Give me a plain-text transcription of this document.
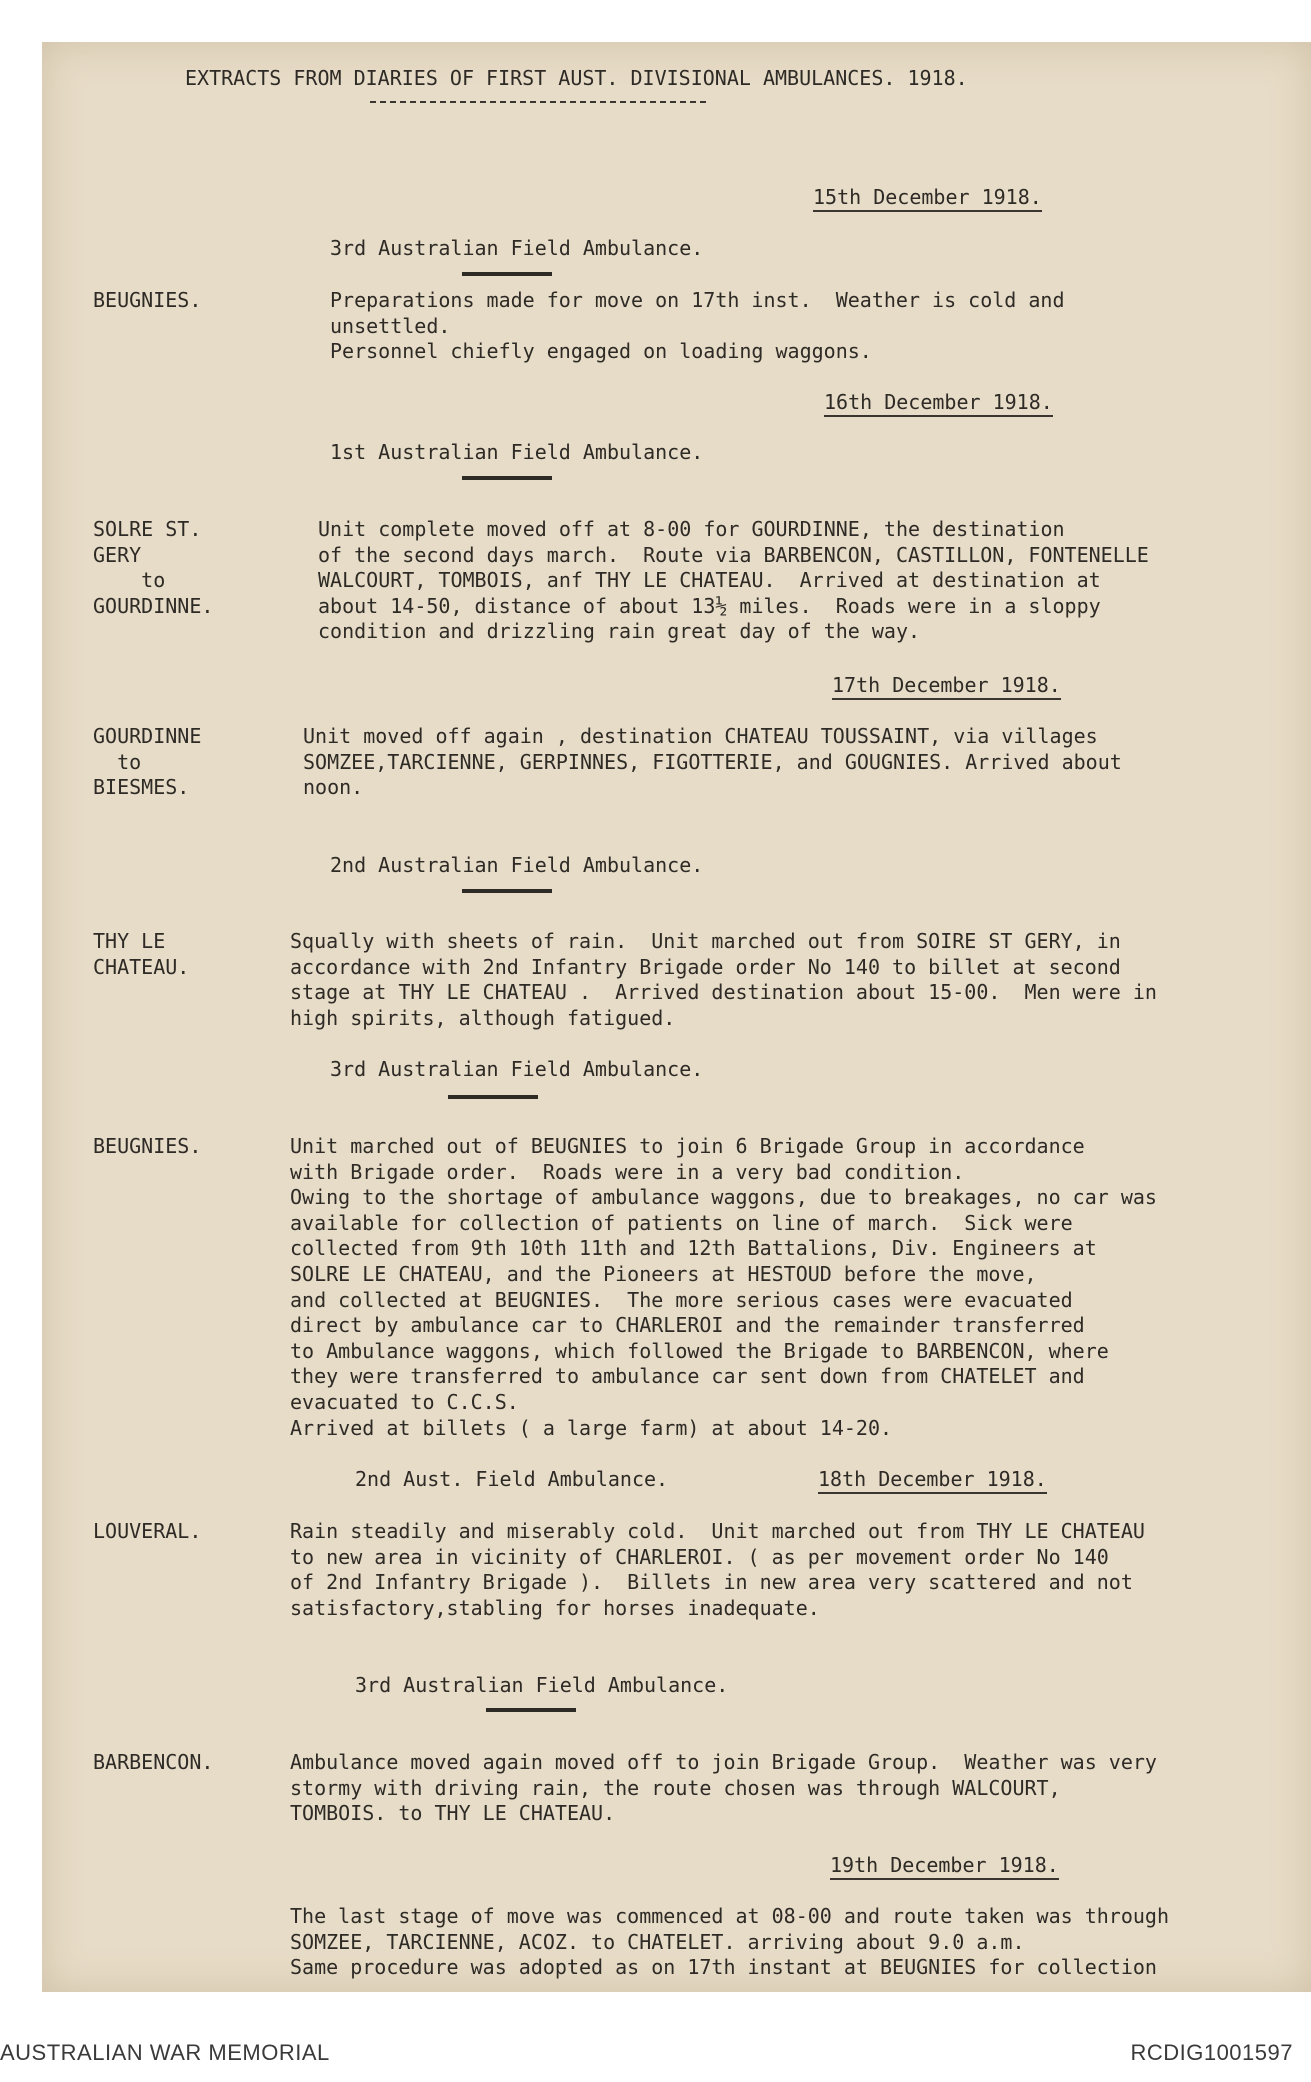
EXTRACTS FROM DIARIES OF FIRST AUST. DIVISIONAL AMBULANCES. 1918.
15th December 1918.
3rd Australian Field Ambulance.
BEUGNIES.	Preparations made for move on 17th inst.  Weather is cold and
unsettled.
Personnel chiefly engaged on loading waggons.
16th December 1918.
1st Australian Field Ambulance.
SOLRE ST.
GERY
to
GOURDINNE.
Unit complete moved off at 8-00 for GOURDINNE, the destination
of the second days march.  Route via BARBENCON, CASTILLON, FONTENELLE
WALCOURT, TOMBOIS, anf THY LE CHATEAU.  Arrived at destination at
about 14-50, distance of about 13½ miles.  Roads were in a sloppy
condition and drizzling rain great day of the way.
17th December 1918.
GOURDINNE
to
BIESMES.
Unit moved off again , destination CHATEAU TOUSSAINT, via villages
SOMZEE,TARCIENNE, GERPINNES, FIGOTTERIE, and GOUGNIES. Arrived about
noon.
2nd Australian Field Ambulance.
THY LE
CHATEAU.
Squally with sheets of rain.  Unit marched out from SOIRE ST GERY, in
accordance with 2nd Infantry Brigade order No 140 to billet at second
stage at THY LE CHATEAU .  Arrived destination about 15-00.  Men were in
high spirits, although fatigued.
3rd Australian Field Ambulance.
BEUGNIES.	Unit marched out of BEUGNIES to join 6 Brigade Group in accordance
with Brigade order.  Roads were in a very bad condition.
Owing to the shortage of ambulance waggons, due to breakages, no car was
available for collection of patients on line of march.  Sick were
collected from 9th 10th 11th and 12th Battalions, Div. Engineers at
SOLRE LE CHATEAU, and the Pioneers at HESTOUD before the move,
and collected at BEUGNIES.  The more serious cases were evacuated
direct by ambulance car to CHARLEROI and the remainder transferred
to Ambulance waggons, which followed the Brigade to BARBENCON, where
they were transferred to ambulance car sent down from CHATELET and
evacuated to C.C.S.
Arrived at billets ( a large farm) at about 14-20.
2nd Aust. Field Ambulance.	18th December 1918.
LOUVERAL.	Rain steadily and miserably cold.  Unit marched out from THY LE CHATEAU
to new area in vicinity of CHARLEROI. ( as per movement order No 140
of 2nd Infantry Brigade ).  Billets in new area very scattered and not
satisfactory,stabling for horses inadequate.
3rd Australian Field Ambulance.
BARBENCON.	Ambulance moved again moved off to join Brigade Group.  Weather was very
stormy with driving rain, the route chosen was through WALCOURT,
TOMBOIS. to THY LE CHATEAU.
19th December 1918.
The last stage of move was commenced at 08-00 and route taken was through
SOMZEE, TARCIENNE, ACOZ. to CHATELET. arriving about 9.0 a.m.
Same procedure was adopted as on 17th instant at BEUGNIES for collection
AUSTRALIAN WAR MEMORIAL	RCDIG1001597
